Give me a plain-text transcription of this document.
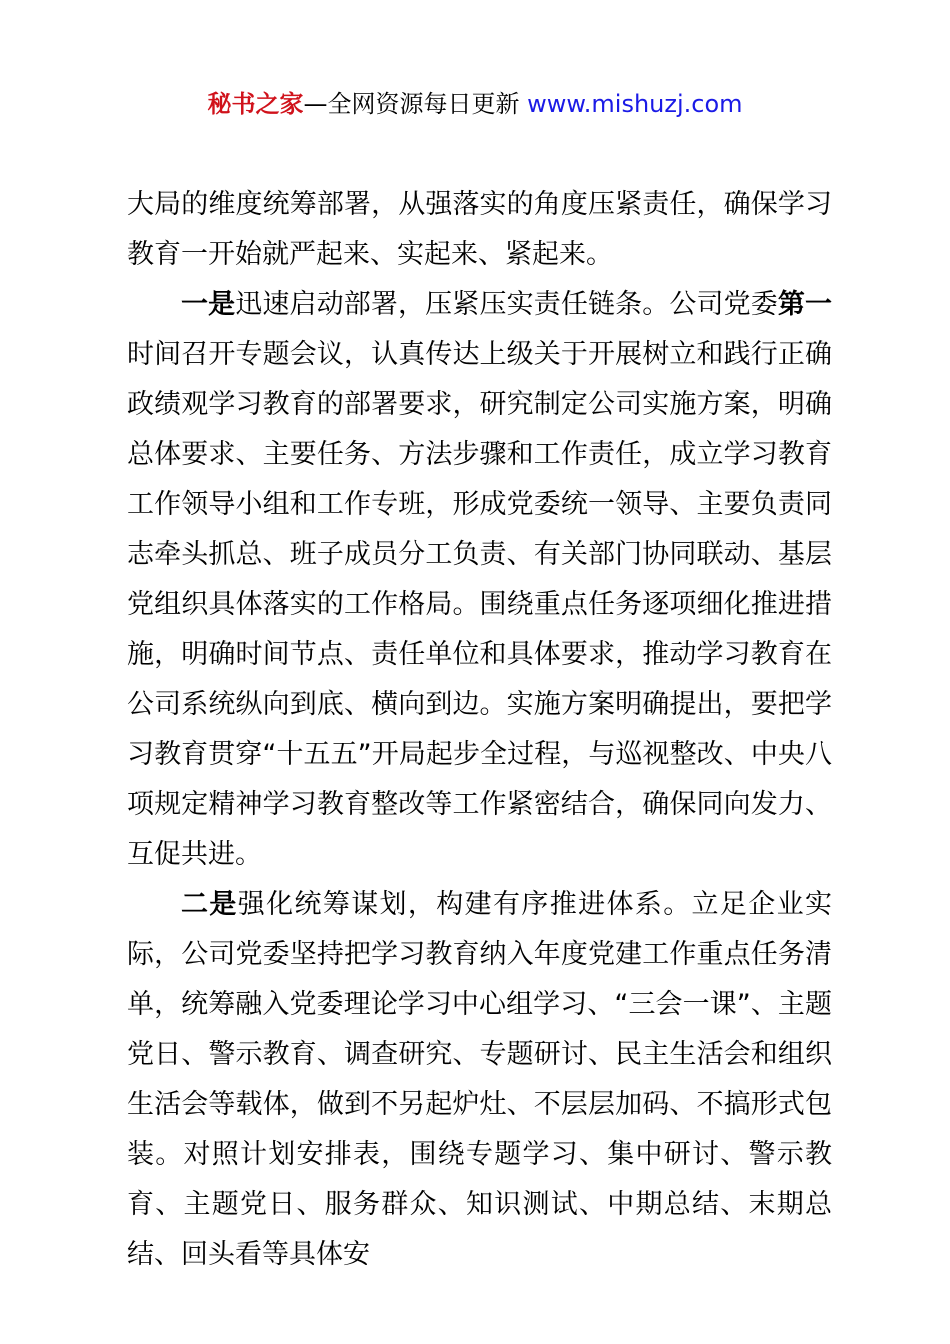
秘书之家—全网资源每日更新 www.mishuzj.com

大局的维度统筹部署，从强落实的角度压紧责任，确保学习教育一开始就严起来、实起来、紧起来。

一是迅速启动部署，压紧压实责任链条。公司党委第一时间召开专题会议，认真传达上级关于开展树立和践行正确政绩观学习教育的部署要求，研究制定公司实施方案，明确总体要求、主要任务、方法步骤和工作责任，成立学习教育工作领导小组和工作专班，形成党委统一领导、主要负责同志牵头抓总、班子成员分工负责、有关部门协同联动、基层党组织具体落实的工作格局。围绕重点任务逐项细化推进措施，明确时间节点、责任单位和具体要求，推动学习教育在公司系统纵向到底、横向到边。实施方案明确提出，要把学习教育贯穿“十五五”开局起步全过程，与巡视整改、中央八项规定精神学习教育整改等工作紧密结合，确保同向发力、互促共进。

二是强化统筹谋划，构建有序推进体系。立足企业实际，公司党委坚持把学习教育纳入年度党建工作重点任务清单，统筹融入党委理论学习中心组学习、“三会一课”、主题党日、警示教育、调查研究、专题研讨、民主生活会和组织生活会等载体，做到不另起炉灶、不层层加码、不搞形式包装。对照计划安排表，围绕专题学习、集中研讨、警示教育、主题党日、服务群众、知识测试、中期总结、末期总结、回头看等具体安
